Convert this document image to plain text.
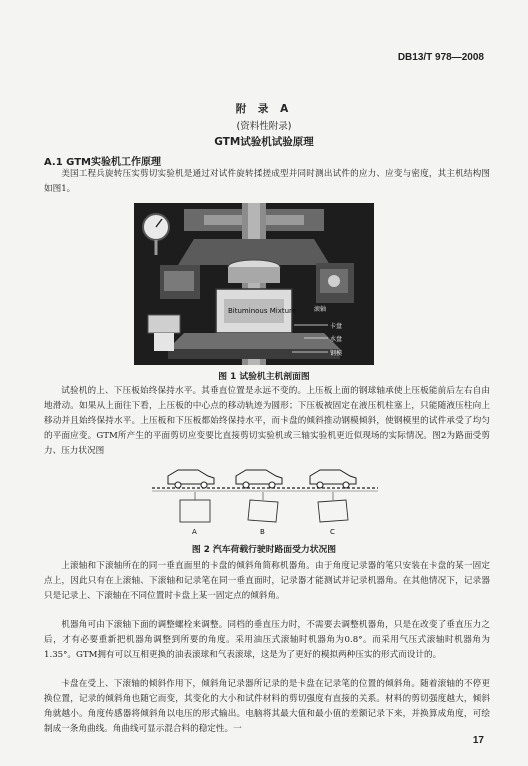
DB13/T 978—2008
附 录 A
(资料性附录)
GTM试验机试验原理
A.1 GTM实验机工作原理

美国工程兵旋转压实剪切实验机是通过对试件旋转揉搓成型并同时测出试件的应力、应变与密度，其主机结构图如图1。

Bituminous Mixture	滚轴
卡盘
水盘
钢模
图 1 试验机主机剖面图

试验机的上、下压板始终保持水平。其垂直位置是永远不变的。上压板上面的钢球轴承使上压板能前后左右自由地滑动。如果从上面往下看，上压板的中心点的移动轨迹为圆形；下压板被固定在液压机柱塞上，只能随液压柱向上移动并且始终保持水平。上压板和下压板都始终保持水平，而卡盘的倾斜推动钢模倾斜，使钢模里的试件承受了均匀的平面应变。GTM所产生的平面剪切应变要比直接剪切实验机或三轴实验机更近似现场的实际情况。图2为路面受剪力、压力状况图

A	B	C
图 2 汽车荷载行驶时路面受力状况图

上滚轴和下滚轴所在的同一垂直面里的卡盘的倾斜角简称机器角。由于角度记录器的笔只安装在卡盘的某一固定点上，因此只有在上滚轴、下滚轴和记录笔在同一垂直面时，记录器才能测试并记录机器角。在其他情况下，记录器只是记录上、下滚轴在不同位置时卡盘上某一固定点的倾斜角。

机器角可由下滚轴下面的调整螺栓来调整。同档的垂直压力时，不需要去调整机器角，只是在改变了垂直压力之后，才有必要重新把机器角调整到所要的角度。采用油压式滚轴时机器角为0.8°。而采用气压式滚轴时机器角为1.35°。GTM拥有可以互相更换的油表滚球和气表滚球，这是为了更好的模拟两种压实的形式而设计的。

卡盘在受上、下滚轴的倾斜作用下，倾斜角记录器所记录的是卡盘在记录笔的位置的倾斜角。随着滚轴的不停更换位置，记录的倾斜角也随它而变，其变化的大小和试件材料的剪切强度有直接的关系。材料的剪切强度越大，倾斜角就越小。角度传感器将倾斜角以电压的形式输出。电脑将其最大值和最小值的差额记录下来，并换算成角度，可绘制成一条角曲线。角曲线可显示混合料的稳定性。一

17
